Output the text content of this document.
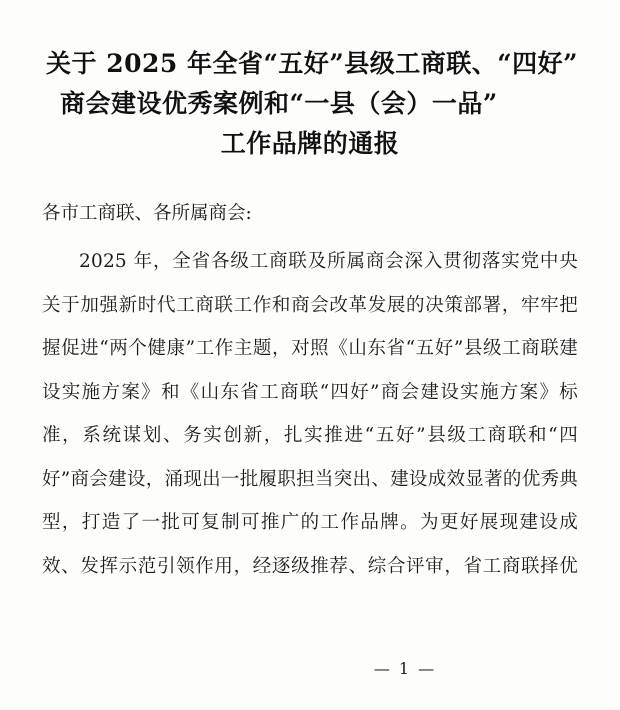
关于 2025 年全省“五好”县级工商联、“四好”
商会建设优秀案例和“一县（会）一品”
工作品牌的通报

各市工商联、各所属商会:

2025 年，全省各级工商联及所属商会深入贯彻落实党中央关于加强新时代工商联工作和商会改革发展的决策部署，牢牢把握促进“两个健康”工作主题，对照《山东省“五好”县级工商联建设实施方案》和《山东省工商联“四好”商会建设实施方案》标准，系统谋划、务实创新，扎实推进“五好”县级工商联和“四好”商会建设，涌现出一批履职担当突出、建设成效显著的优秀典型，打造了一批可复制可推广的工作品牌。为更好展现建设成效、发挥示范引领作用，经逐级推荐、综合评审，省工商联择优

— 1 —
